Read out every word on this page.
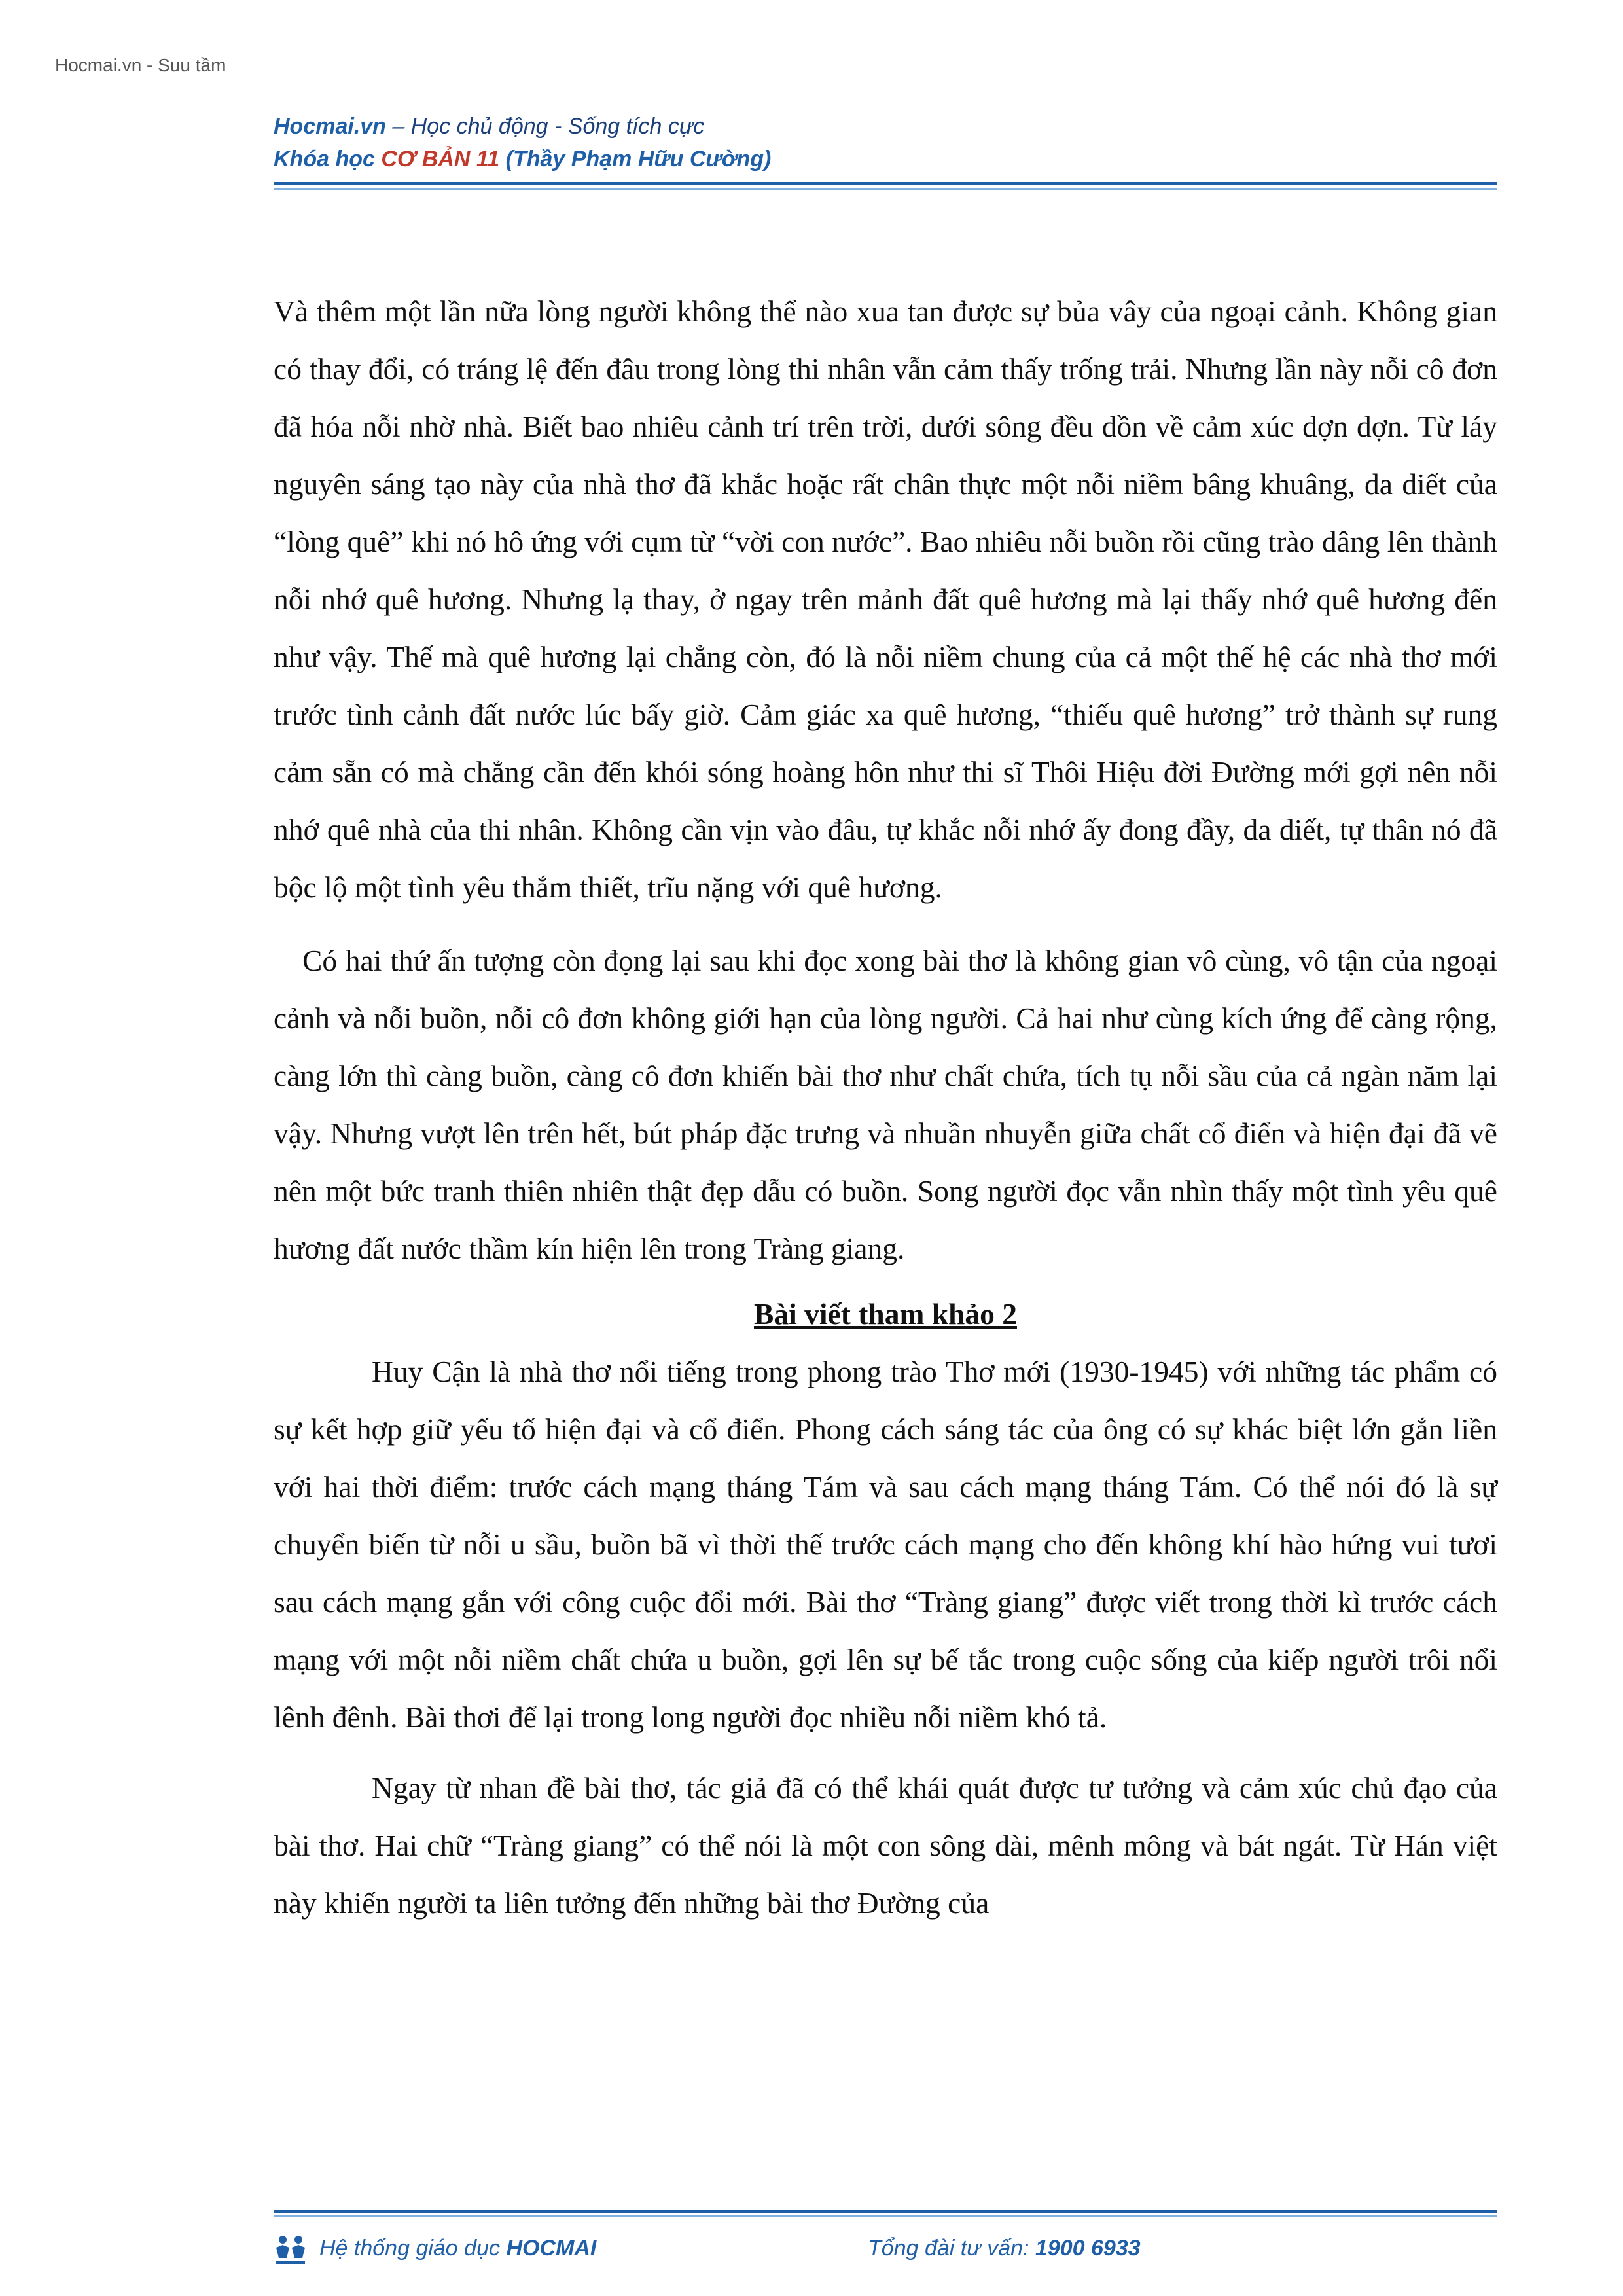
Hocmai.vn - Suu tầm
Hocmai.vn – Học chủ động - Sống tích cực
Khóa học CƠ BẢN 11 (Thầy Phạm Hữu Cường)

Và thêm một lần nữa lòng người không thể nào xua tan được sự bủa vây của ngoại cảnh. Không gian có thay đổi, có tráng lệ đến đâu trong lòng thi nhân vẫn cảm thấy trống trải. Nhưng lần này nỗi cô đơn đã hóa nỗi nhờ nhà. Biết bao nhiêu cảnh trí trên trời, dưới sông đều dồn về cảm xúc dợn dợn. Từ láy nguyên sáng tạo này của nhà thơ đã khắc hoặc rất chân thực một nỗi niềm bâng khuâng, da diết của “lòng quê” khi nó hô ứng với cụm từ “vời con nước”. Bao nhiêu nỗi buồn rồi cũng trào dâng lên thành nỗi nhớ quê hương. Nhưng lạ thay, ở ngay trên mảnh đất quê hương mà lại thấy nhớ quê hương đến như vậy. Thế mà quê hương lại chẳng còn, đó là nỗi niềm chung của cả một thế hệ các nhà thơ mới trước tình cảnh đất nước lúc bấy giờ. Cảm giác xa quê hương, “thiếu quê hương” trở thành sự rung cảm sẵn có mà chẳng cần đến khói sóng hoàng hôn như thi sĩ Thôi Hiệu đời Đường mới gợi nên nỗi nhớ quê nhà của thi nhân. Không cần vịn vào đâu, tự khắc nỗi nhớ ấy đong đầy, da diết, tự thân nó đã bộc lộ một tình yêu thắm thiết, trĩu nặng với quê hương.

Có hai thứ ấn tượng còn đọng lại sau khi đọc xong bài thơ là không gian vô cùng, vô tận của ngoại cảnh và nỗi buồn, nỗi cô đơn không giới hạn của lòng người. Cả hai như cùng kích ứng để càng rộng, càng lớn thì càng buồn, càng cô đơn khiến bài thơ như chất chứa, tích tụ nỗi sầu của cả ngàn năm lại vậy. Nhưng vượt lên trên hết, bút pháp đặc trưng và nhuần nhuyễn giữa chất cổ điển và hiện đại đã vẽ nên một bức tranh thiên nhiên thật đẹp dẫu có buồn. Song người đọc vẫn nhìn thấy một tình yêu quê hương đất nước thầm kín hiện lên trong Tràng giang.

Bài viết tham khảo 2

Huy Cận là nhà thơ nổi tiếng trong phong trào Thơ mới (1930-1945) với những tác phẩm có sự kết hợp giữ yếu tố hiện đại và cổ điển. Phong cách sáng tác của ông có sự khác biệt lớn gắn liền với hai thời điểm: trước cách mạng tháng Tám và sau cách mạng tháng Tám. Có thể nói đó là sự chuyển biến từ nỗi u sầu, buồn bã vì thời thế trước cách mạng cho đến không khí hào hứng vui tươi sau cách mạng gắn với công cuộc đổi mới. Bài thơ “Tràng giang” được viết trong thời kì trước cách mạng với một nỗi niềm chất chứa u buồn, gợi lên sự bế tắc trong cuộc sống của kiếp người trôi nổi lênh đênh. Bài thơi để lại trong long người đọc nhiều nỗi niềm khó tả.

Ngay từ nhan đề bài thơ, tác giả đã có thể khái quát được tư tưởng và cảm xúc chủ đạo của bài thơ. Hai chữ “Tràng giang” có thể nói là một con sông dài, mênh mông và bát ngát. Từ Hán việt này khiến người ta liên tưởng đến những bài thơ Đường của

Hệ thống giáo dục HOCMAI	Tổng đài tư vấn: 1900 6933
